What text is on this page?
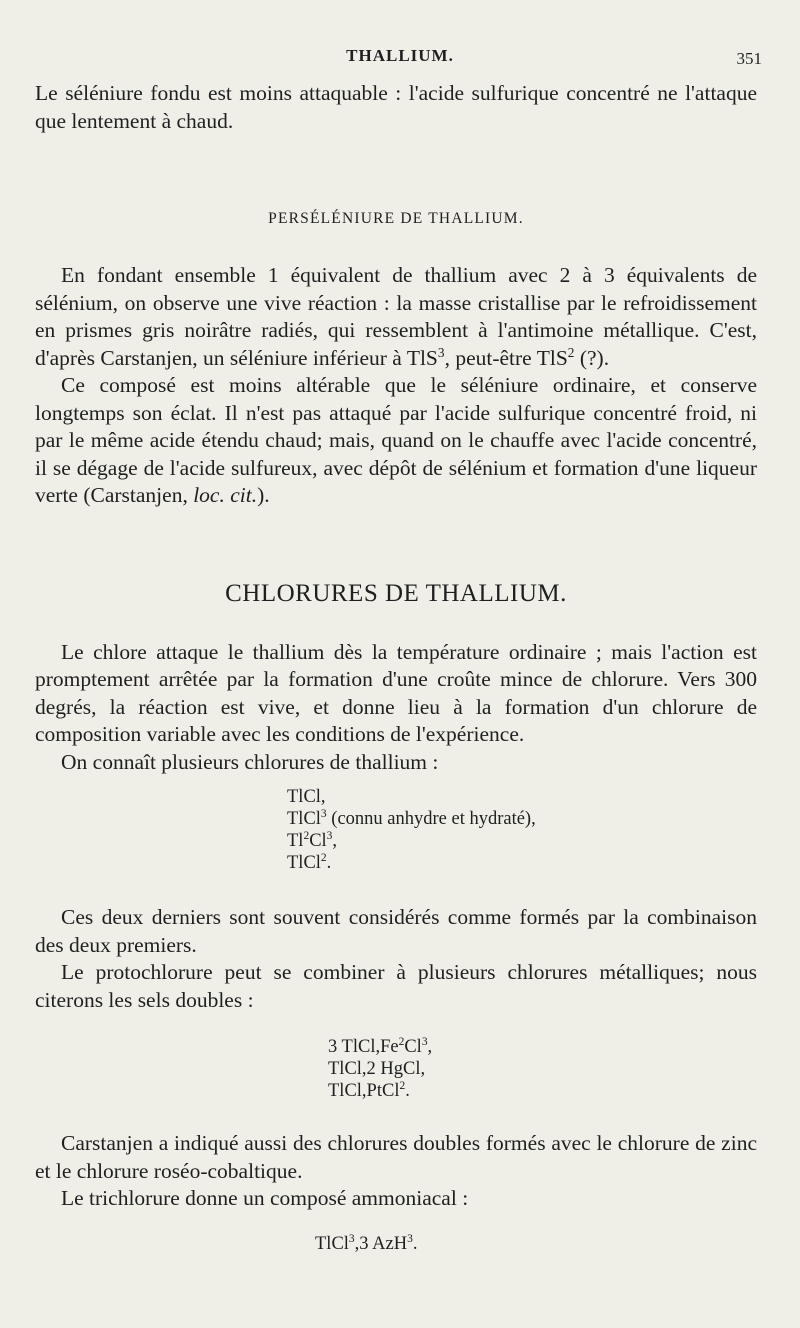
THALLIUM.	351

Le séléniure fondu est moins attaquable : l'acide sulfurique concentré ne l'attaque que lentement à chaud.

PERSÉLÉNIURE DE THALLIUM.

En fondant ensemble 1 équivalent de thallium avec 2 à 3 équivalents de sélénium, on observe une vive réaction : la masse cristallise par le refroidissement en prismes gris noirâtre radiés, qui ressemblent à l'antimoine métallique. C'est, d'après Carstanjen, un séléniure inférieur à TlS$^3$, peut-être TlS$^2$ (?).

Ce composé est moins altérable que le séléniure ordinaire, et conserve longtemps son éclat. Il n'est pas attaqué par l'acide sulfurique concentré froid, ni par le même acide étendu chaud; mais, quand on le chauffe avec l'acide concentré, il se dégage de l'acide sulfureux, avec dépôt de sélénium et formation d'une liqueur verte (Carstanjen, loc. cit.).

CHLORURES DE THALLIUM.

Le chlore attaque le thallium dès la température ordinaire ; mais l'action est promptement arrêtée par la formation d'une croûte mince de chlorure. Vers 300 degrés, la réaction est vive, et donne lieu à la formation d'un chlorure de composition variable avec les conditions de l'expérience.

On connaît plusieurs chlorures de thallium :

TlCl,
TlCl$^3$ (connu anhydre et hydraté),
Tl$^2$Cl$^3$,
TlCl$^2$.

Ces deux derniers sont souvent considérés comme formés par la combinaison des deux premiers.

Le protochlorure peut se combiner à plusieurs chlorures métalliques; nous citerons les sels doubles :

3 TlCl,Fe$^2$Cl$^3$,
TlCl,2 HgCl,
TlCl,PtCl$^2$.

Carstanjen a indiqué aussi des chlorures doubles formés avec le chlorure de zinc et le chlorure roséo-cobaltique.

Le trichlorure donne un composé ammoniacal :

TlCl$^3$,3 AzH$^3$.
